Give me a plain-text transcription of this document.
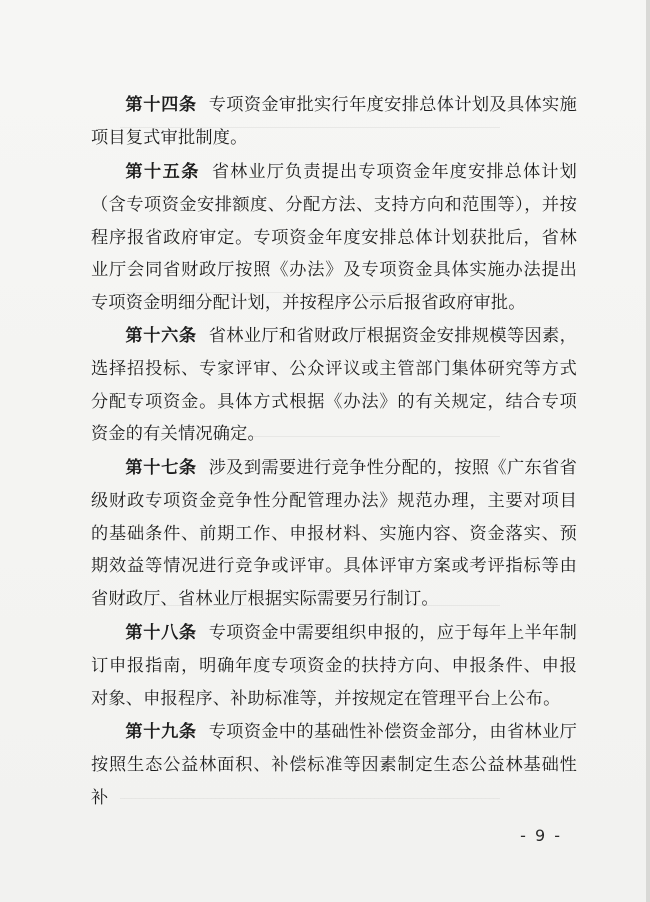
第十四条 专项资金审批实行年度安排总体计划及具体实施项目复式审批制度。

第十五条 省林业厅负责提出专项资金年度安排总体计划（含专项资金安排额度、分配方法、支持方向和范围等），并按程序报省政府审定。专项资金年度安排总体计划获批后，省林业厅会同省财政厅按照《办法》及专项资金具体实施办法提出专项资金明细分配计划，并按程序公示后报省政府审批。

第十六条 省林业厅和省财政厅根据资金安排规模等因素，选择招投标、专家评审、公众评议或主管部门集体研究等方式分配专项资金。具体方式根据《办法》的有关规定，结合专项资金的有关情况确定。

第十七条 涉及到需要进行竞争性分配的，按照《广东省省级财政专项资金竞争性分配管理办法》规范办理，主要对项目的基础条件、前期工作、申报材料、实施内容、资金落实、预期效益等情况进行竞争或评审。具体评审方案或考评指标等由省财政厅、省林业厅根据实际需要另行制订。

第十八条 专项资金中需要组织申报的，应于每年上半年制订申报指南，明确年度专项资金的扶持方向、申报条件、申报对象、申报程序、补助标准等，并按规定在管理平台上公布。

第十九条 专项资金中的基础性补偿资金部分，由省林业厅按照生态公益林面积、补偿标准等因素制定生态公益林基础性补

- 9 -
